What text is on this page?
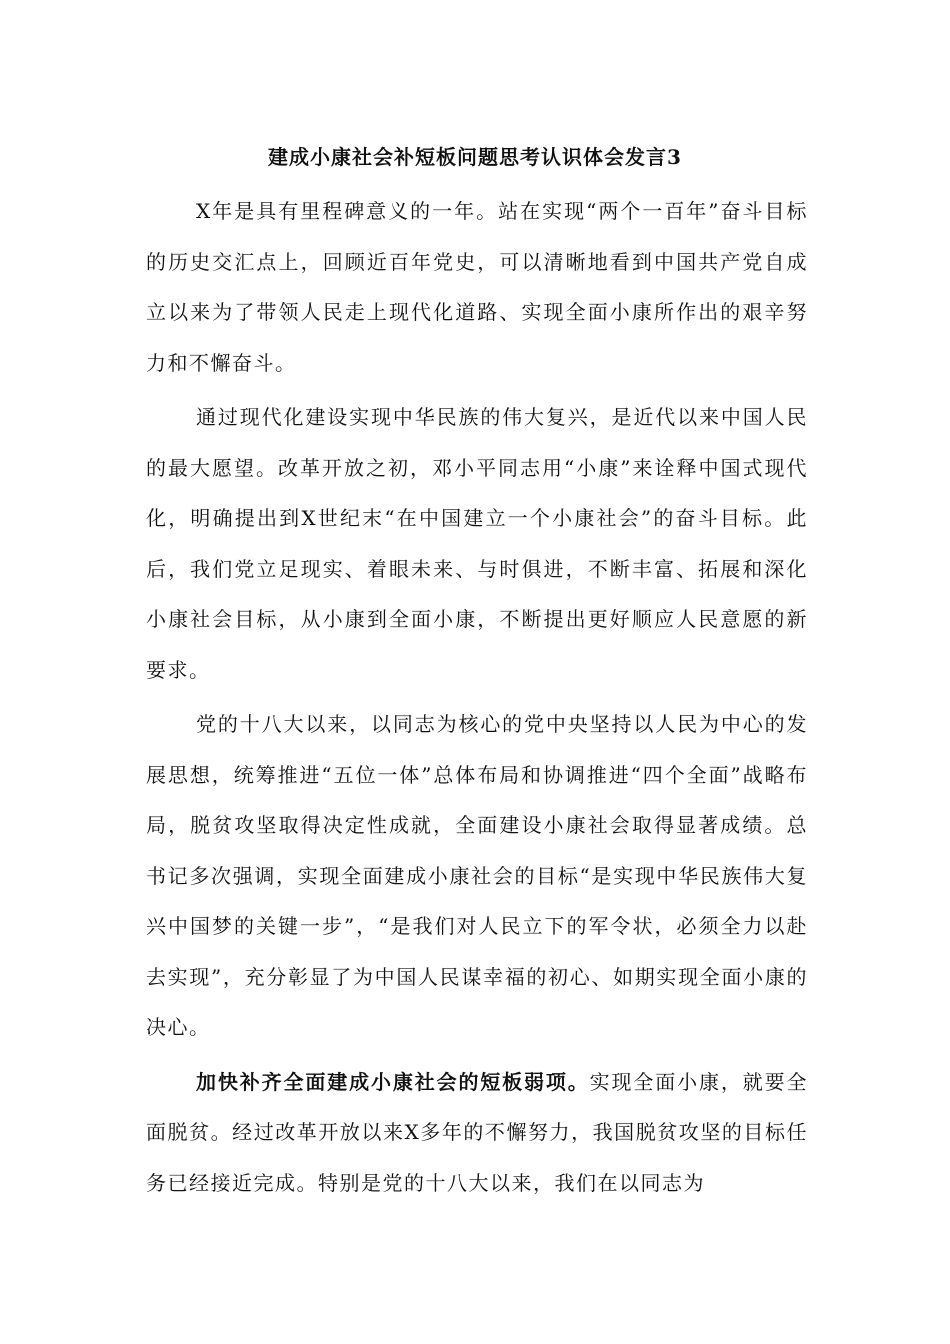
建成小康社会补短板问题思考认识体会发言3

X年是具有里程碑意义的一年。站在实现“两个一百年”奋斗目标的历史交汇点上，回顾近百年党史，可以清晰地看到中国共产党自成立以来为了带领人民走上现代化道路、实现全面小康所作出的艰辛努力和不懈奋斗。

通过现代化建设实现中华民族的伟大复兴，是近代以来中国人民的最大愿望。改革开放之初，邓小平同志用“小康”来诠释中国式现代化，明确提出到X世纪末“在中国建立一个小康社会”的奋斗目标。此后，我们党立足现实、着眼未来、与时俱进，不断丰富、拓展和深化小康社会目标，从小康到全面小康，不断提出更好顺应人民意愿的新要求。

党的十八大以来，以同志为核心的党中央坚持以人民为中心的发展思想，统筹推进“五位一体”总体布局和协调推进“四个全面”战略布局，脱贫攻坚取得决定性成就，全面建设小康社会取得显著成绩。总书记多次强调，实现全面建成小康社会的目标“是实现中华民族伟大复兴中国梦的关键一步”，“是我们对人民立下的军令状，必须全力以赴去实现”，充分彰显了为中国人民谋幸福的初心、如期实现全面小康的决心。

加快补齐全面建成小康社会的短板弱项。实现全面小康，就要全面脱贫。经过改革开放以来X多年的不懈努力，我国脱贫攻坚的目标任务已经接近完成。特别是党的十八大以来，我们在以同志为
